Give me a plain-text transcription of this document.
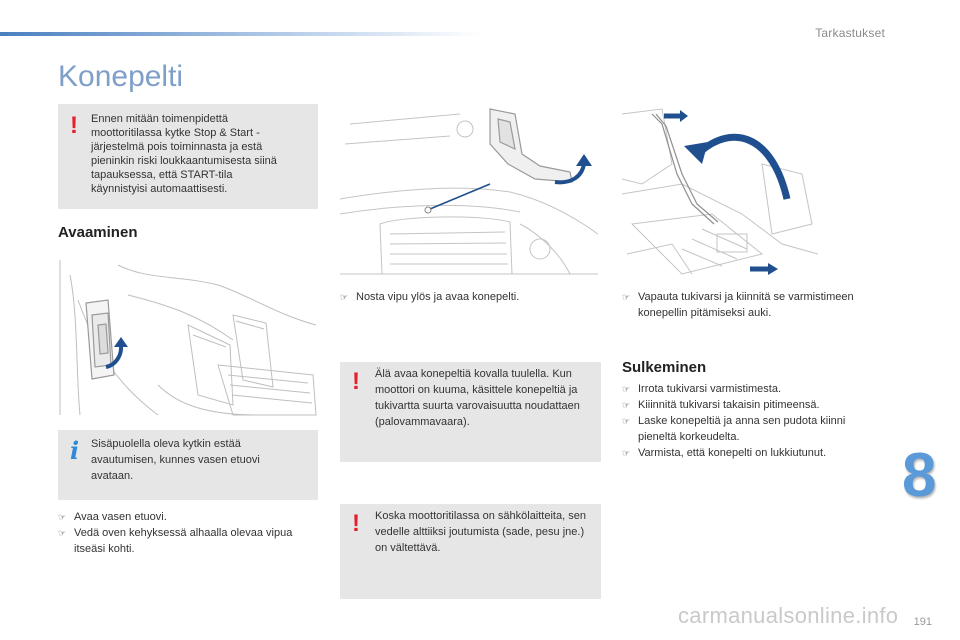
Tarkastukset
Konepelti
! Ennen mitään toimenpidettä moottoritilassa kytke Stop & Start -järjestelmä pois toiminnasta ja estä pieninkin riski loukkaantumisesta siinä tapauksessa, että START-tila käynnistyisi automaattisesti.

Avaaminen
i Sisäpuolella oleva kytkin estää avautumisen, kunnes vasen etuovi avataan.

☞ Avaa vasen etuovi.
☞ Vedä oven kehyksessä alhaalla olevaa vipua itseäsi kohti.
☞ Nosta vipu ylös ja avaa konepelti.
! Älä avaa konepeltiä kovalla tuulella. Kun moottori on kuuma, käsittele konepeltiä ja tukivartta suurta varovaisuutta noudattaen (palovammavaara).

! Koska moottoritilassa on sähkölaitteita, sen vedelle alttiiksi joutumista (sade, pesu jne.) on vältettävä.

☞ Vapauta tukivarsi ja kiinnitä se varmistimeen konepellin pitämiseksi auki.
Sulkeminen
☞ Irrota tukivarsi varmistimesta.
☞ Kiiinnitä tukivarsi takaisin pitimeensä.
☞ Laske konepeltiä ja anna sen pudota kiinni pieneltä korkeudelta.
☞ Varmista, että konepelti on lukkiutunut. 8
carmanualsonline.info 191
